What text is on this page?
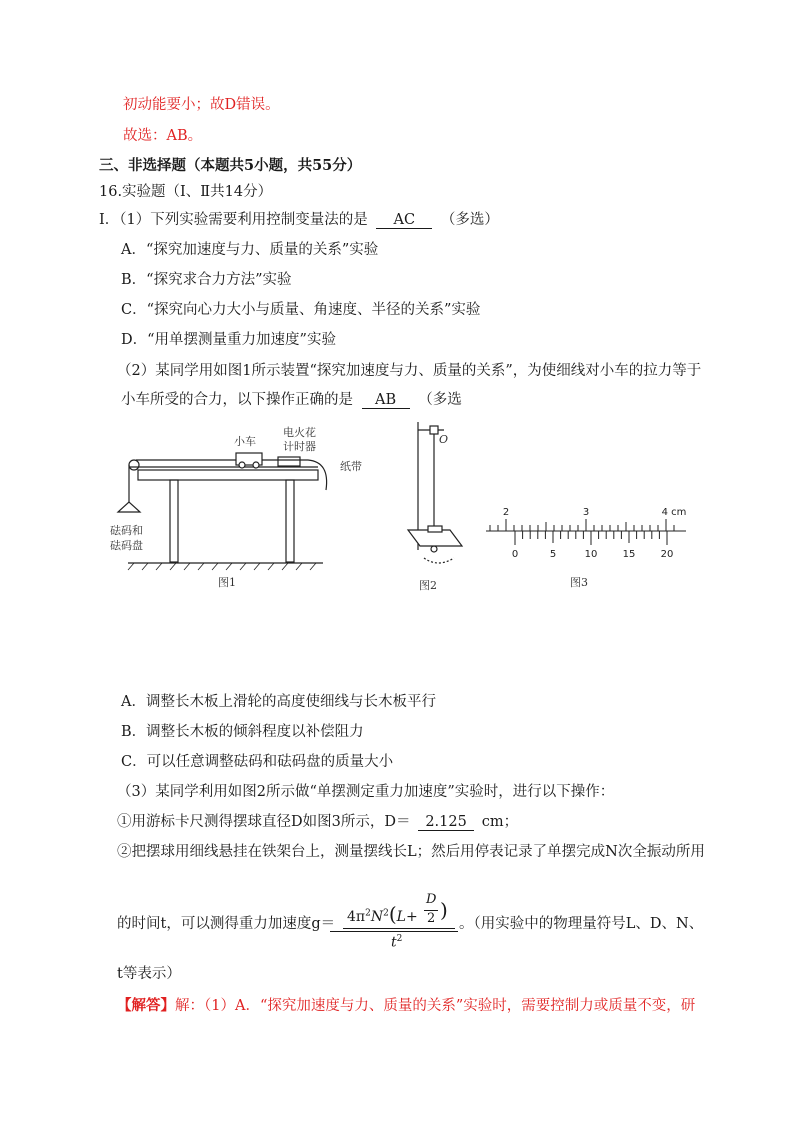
初动能要小；故D错误。
故选：AB。
三、非选择题（本题共5小题，共55分）
16.实验题（Ⅰ、Ⅱ共14分）
Ⅰ．（1）下列实验需要利用控制变量法的是 AC （多选）
A．“探究加速度与力、质量的关系”实验
B．“探究求合力方法”实验
C．“探究向心力大小与质量、角速度、半径的关系”实验
D．“用单摆测量重力加速度”实验
（2）某同学用如图1所示装置“探究加速度与力、质量的关系”，为使细线对小车的拉力等于
小车所受的合力，以下操作正确的是 AB （多选
小车
电火花
计时器
纸带
砝码和
砝码盘
图1
O
图2
2	3	4 cm
0	5	10	15	20
图3
A．调整长木板上滑轮的高度使细线与长木板平行
B．调整长木板的倾斜程度以补偿阻力
C．可以任意调整砝码和砝码盘的质量大小
（3）某同学利用如图2所示做“单摆测定重力加速度”实验时，进行以下操作：
①用游标卡尺测得摆球直径D如图3所示，D＝ 2.125 cm；
②把摆球用细线悬挂在铁架台上，测量摆线长L；然后用停表记录了单摆完成N次全振动所用
的时间t，可以测得重力加速度$g= 4\pi^2N^2(L+$
D
2 )
$t^2$
。（用实验中的物理量符号L、D、N、
t等表示）
【解答】解：（1）A．“探究加速度与力、质量的关系”实验时，需要控制力或质量不变，研
